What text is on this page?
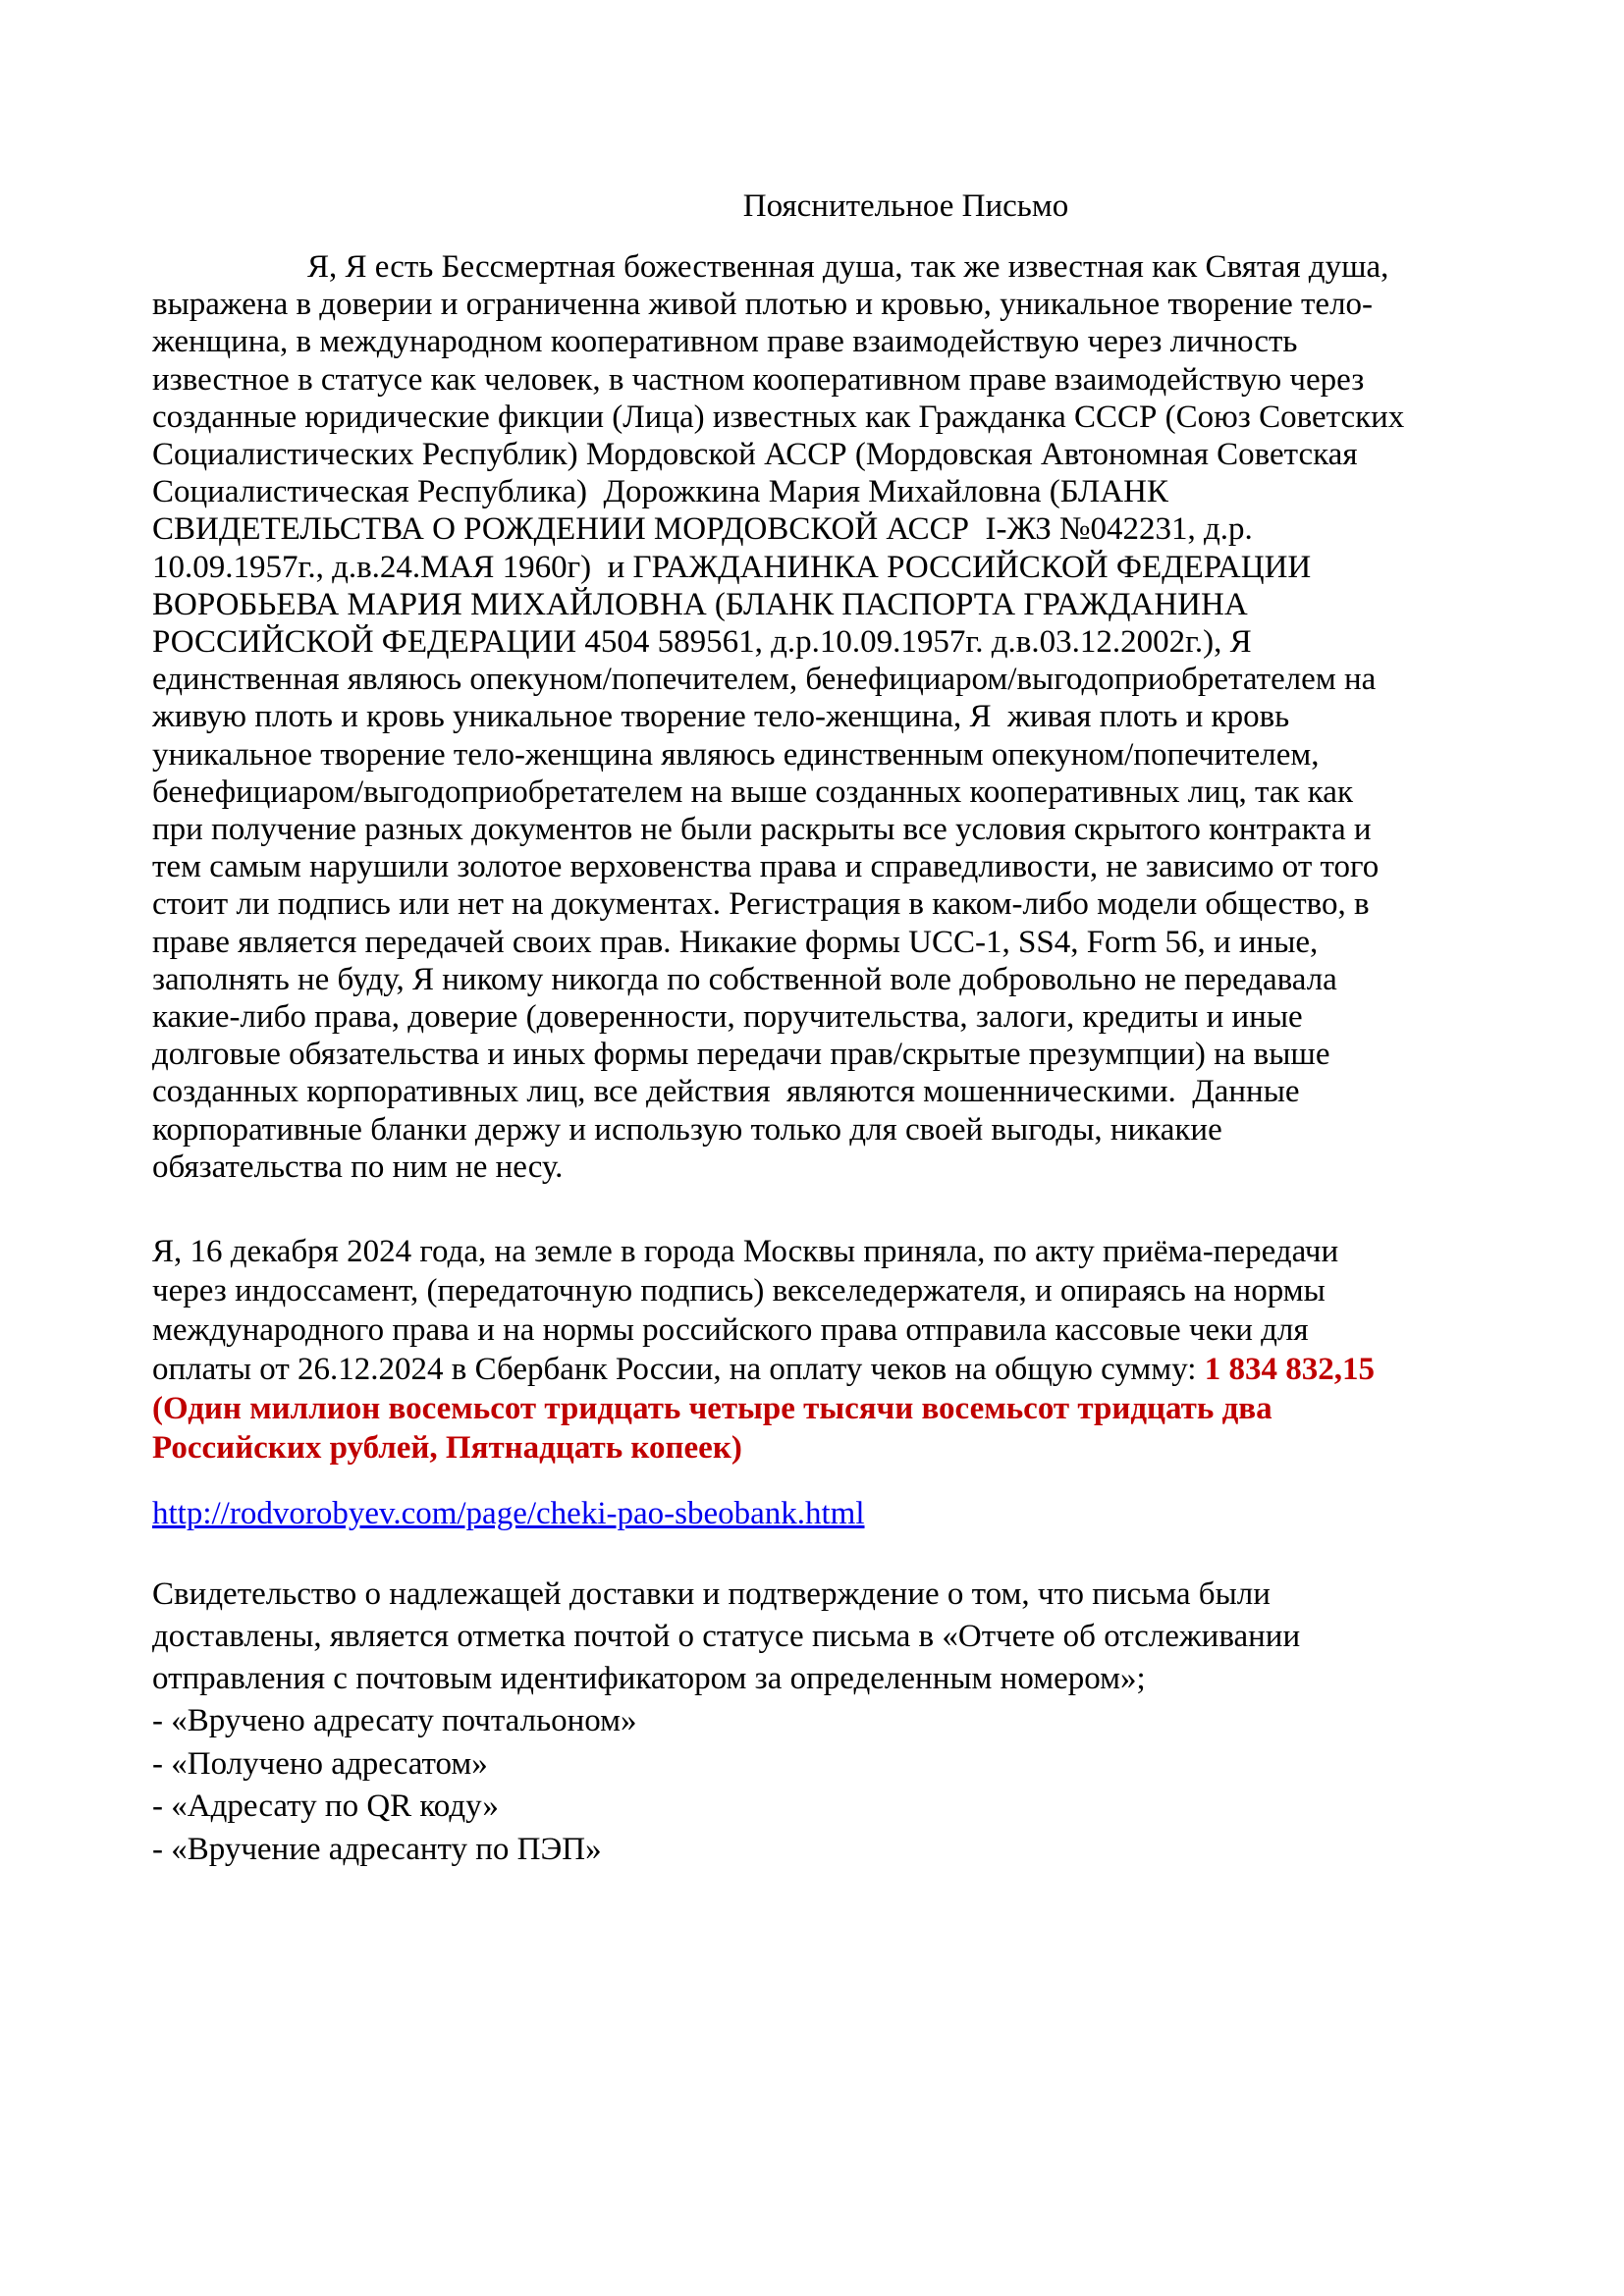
Пояснительное Письмо
Я, Я есть Бессмертная божественная душа, так же известная как Святая душа,
выражена в доверии и ограниченна живой плотью и кровью, уникальное творение тело-
женщина, в международном кооперативном праве взаимодействую через личность
известное в статусе как человек, в частном кооперативном праве взаимодействую через
созданные юридические фикции (Лица) известных как Гражданка СССР (Союз Советских
Социалистических Республик) Мордовской АССР (Мордовская Автономная Советская
Социалистическая Республика)  Дорожкина Мария Михайловна (БЛАНК
СВИДЕТЕЛЬСТВА О РОЖДЕНИИ МОРДОВСКОЙ АССР  I-ЖЗ №042231, д.р.
10.09.1957г., д.в.24.МАЯ 1960г)  и ГРАЖДАНИНКА РОССИЙСКОЙ ФЕДЕРАЦИИ
ВОРОБЬЕВА МАРИЯ МИХАЙЛОВНА (БЛАНК ПАСПОРТА ГРАЖДАНИНА
РОССИЙСКОЙ ФЕДЕРАЦИИ 4504 589561, д.р.10.09.1957г. д.в.03.12.2002г.), Я
единственная являюсь опекуном/попечителем, бенефициаром/выгодоприобретателем на
живую плоть и кровь уникальное творение тело-женщина, Я  живая плоть и кровь
уникальное творение тело-женщина являюсь единственным опекуном/попечителем,
бенефициаром/выгодоприобретателем на выше созданных кооперативных лиц, так как
при получение разных документов не были раскрыты все условия скрытого контракта и
тем самым нарушили золотое верховенства права и справедливости, не зависимо от того
стоит ли подпись или нет на документах. Регистрация в каком-либо модели общество, в
праве является передачей своих прав. Никакие формы UCC-1, SS4, Form 56, и иные,
заполнять не буду, Я никому никогда по собственной воле добровольно не передавала
какие-либо права, доверие (доверенности, поручительства, залоги, кредиты и иные
долговые обязательства и иных формы передачи прав/скрытые презумпции) на выше
созданных корпоративных лиц, все действия  являются мошенническими.  Данные
корпоративные бланки держу и использую только для своей выгоды, никакие
обязательства по ним не несу.
Я, 16 декабря 2024 года, на земле в города Москвы приняла, по акту приёма-передачи
через индоссамент, (передаточную подпись) векселедержателя, и опираясь на нормы
международного права и на нормы российского права отправила кассовые чеки для
оплаты от 26.12.2024 в Сбербанк России, на оплату чеков на общую сумму: 1 834 832,15
(Один миллион восемьсот тридцать четыре тысячи восемьсот тридцать два
Российских рублей, Пятнадцать копеек)
http://rodvorobyev.com/page/cheki-pao-sbeobank.html
Свидетельство о надлежащей доставки и подтверждение о том, что письма были
доставлены, является отметка почтой о статусе письма в «Отчете об отслеживании
отправления с почтовым идентификатором за определенным номером»;
- «Вручено адресату почтальоном»
- «Получено адресатом»
- «Адресату по QR коду»
- «Вручение адресанту по ПЭП»
